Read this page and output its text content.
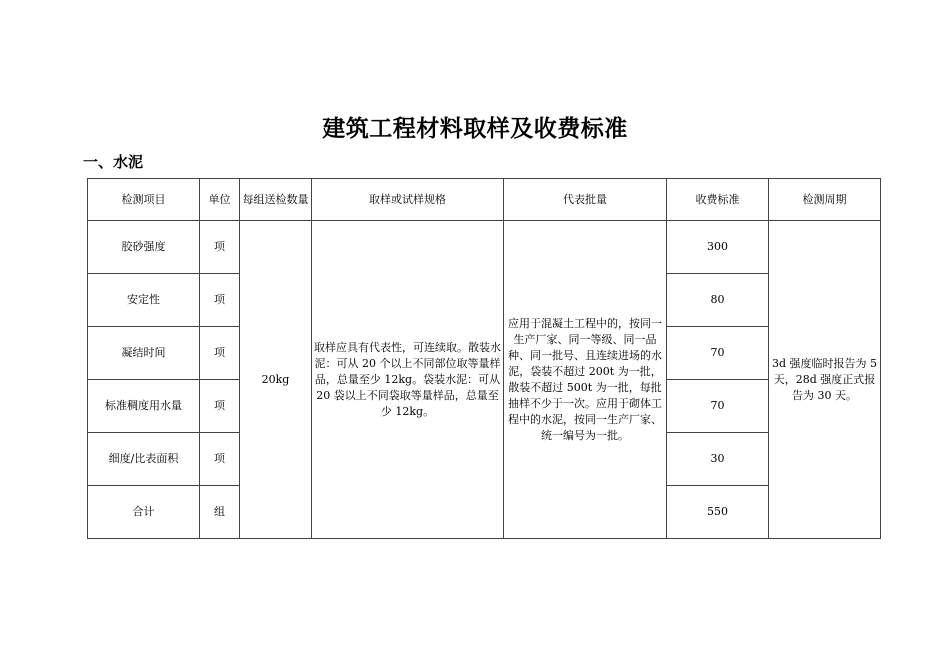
建筑工程材料取样及收费标准
一、水泥
检测项目	单位	每组送检数量	取样或试样规格	代表批量	收费标准	检测周期
胶砂强度	项	20kg	取样应具有代表性，可连续取。散装水泥：可从 20 个以上不同部位取等量样品，总量至少 12kg。袋装水泥：可从 20 袋以上不同袋取等量样品，总量至少 12kg。	应用于混凝土工程中的，按同一生产厂家、同一等级、同一品种、同一批号、且连续进场的水泥，袋装不超过 200t 为一批，散装不超过 500t 为一批，每批抽样不少于一次。应用于砌体工程中的水泥，按同一生产厂家、统一编号为一批。	300	3d 强度临时报告为 5 天，28d 强度正式报告为 30 天。
安定性	项				80	
凝结时间	项				70	
标准稠度用水量	项				70	
细度/比表面积	项				30	
合计	组				550	
